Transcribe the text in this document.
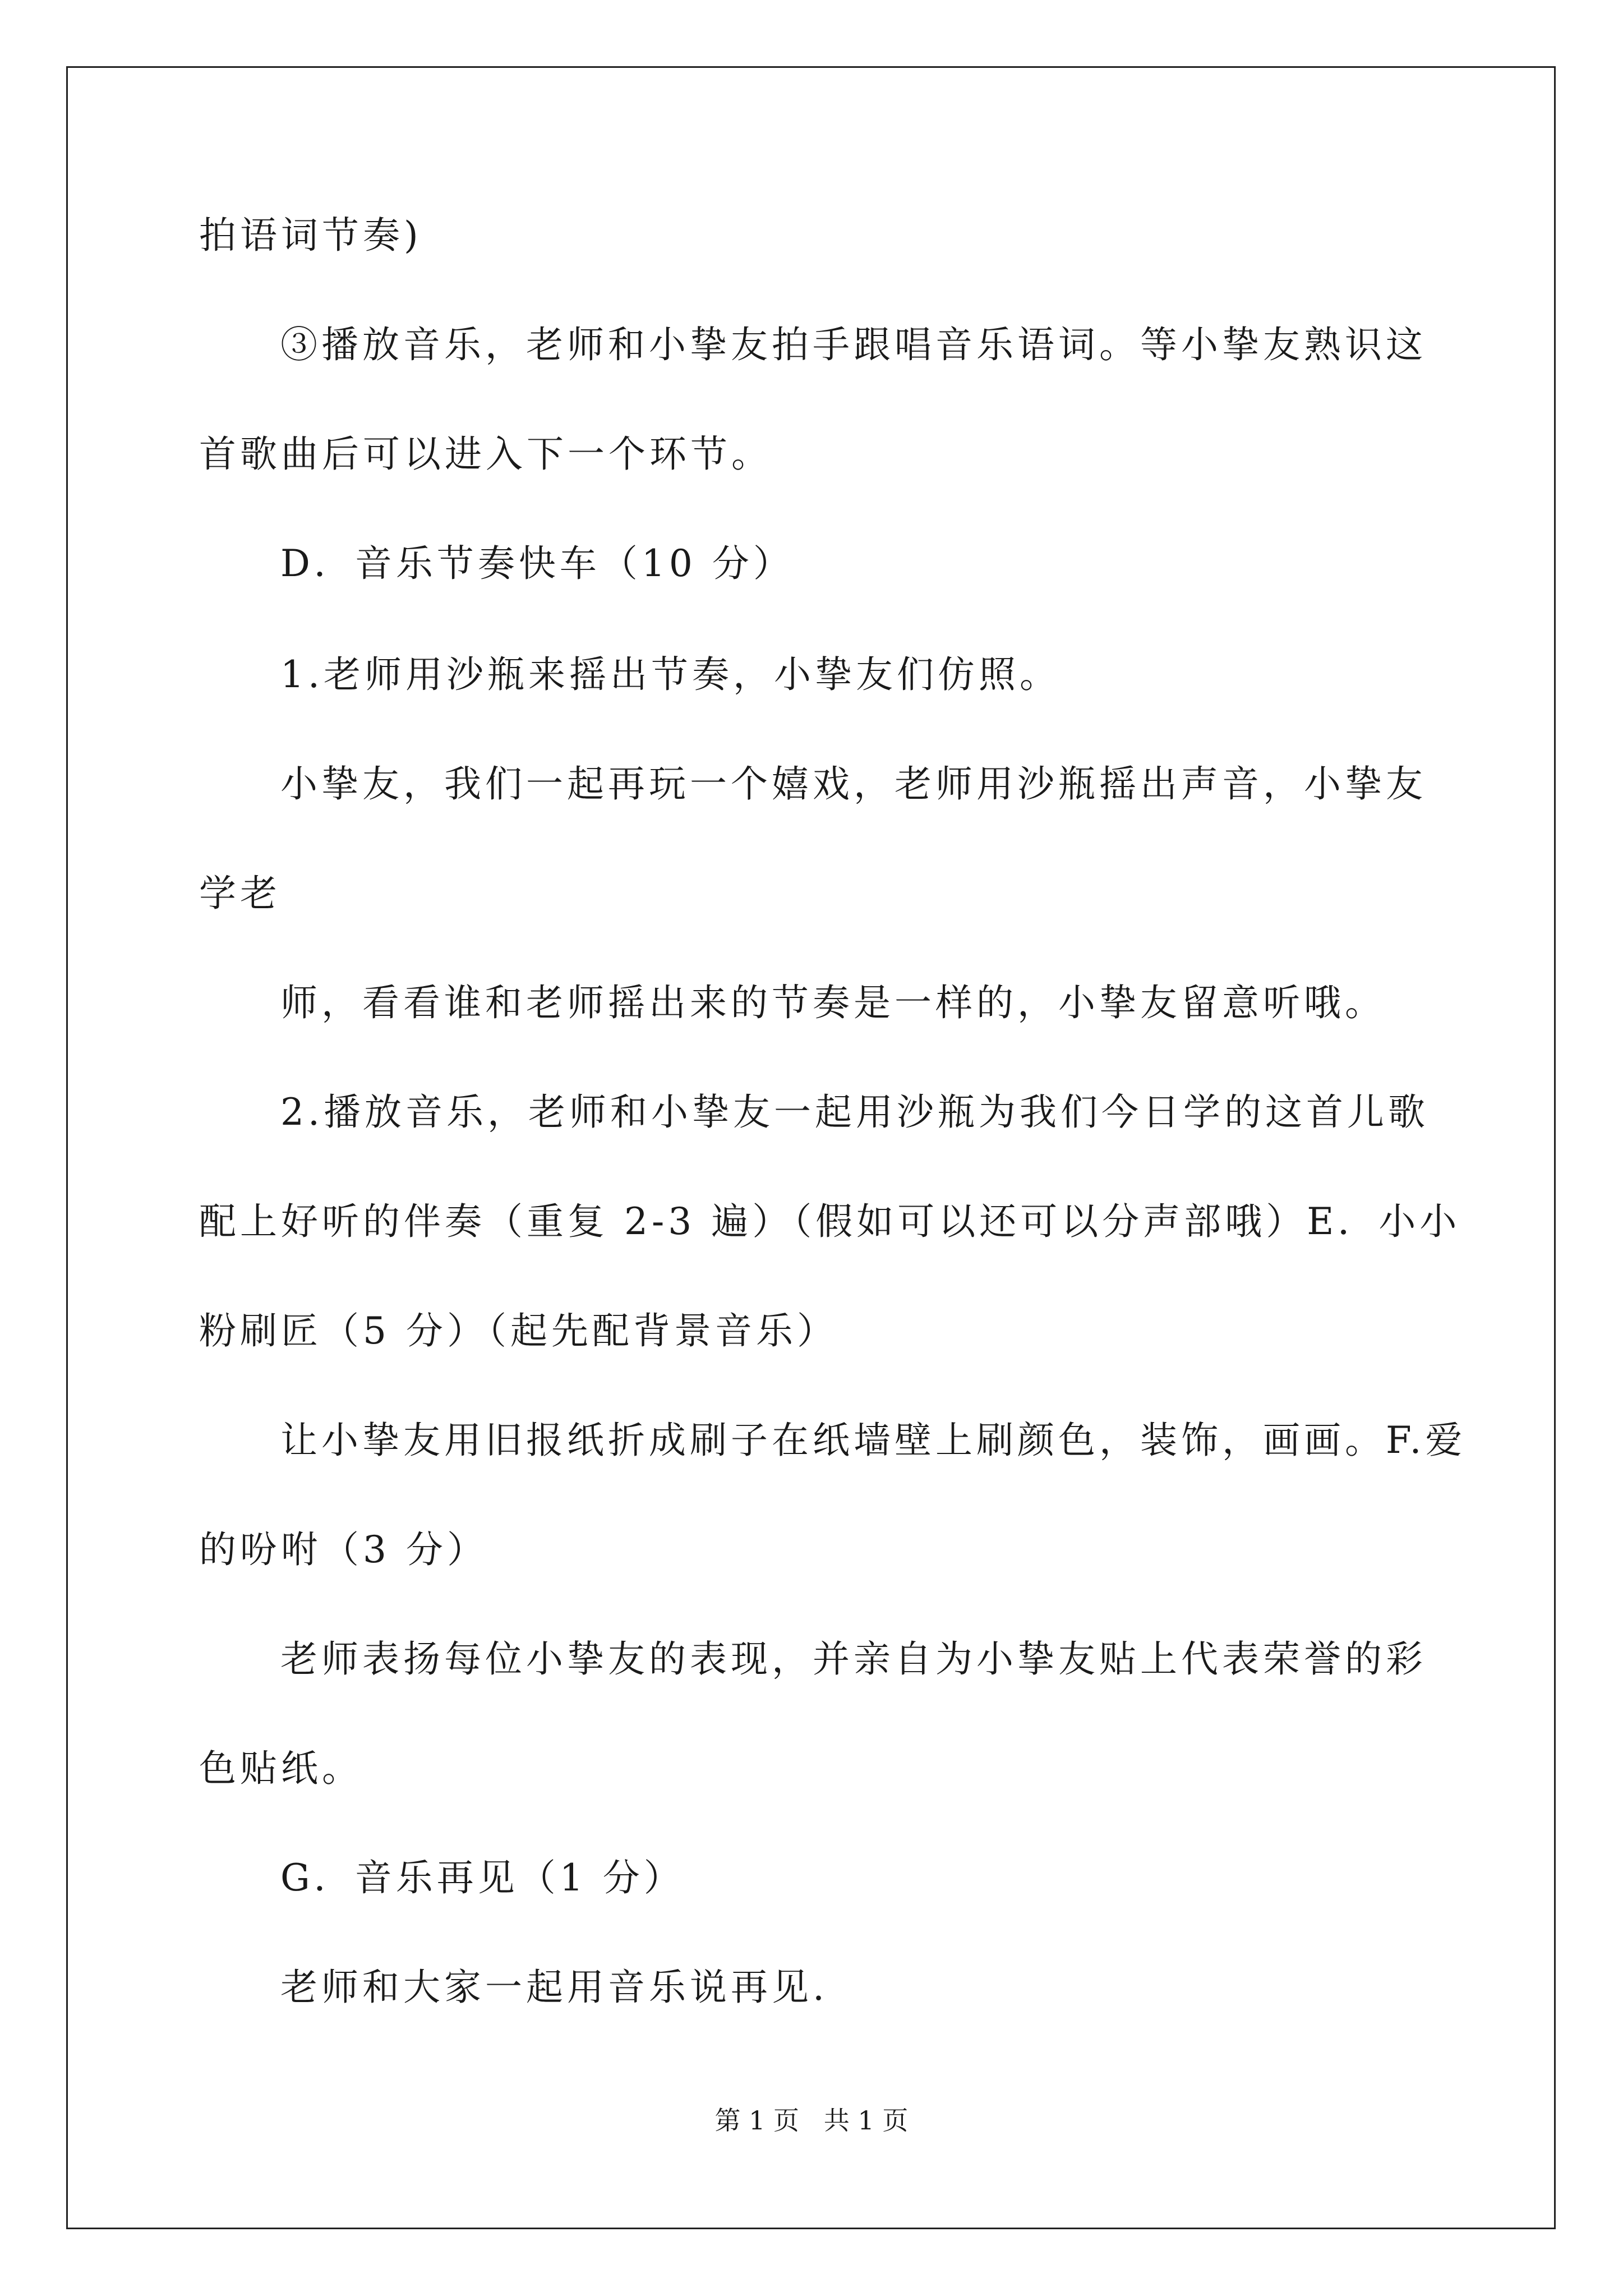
拍语词节奏)
③播放音乐，老师和小挚友拍手跟唱音乐语词。等小挚友熟识这
首歌曲后可以进入下一个环节。
D．音乐节奏快车（10 分）
1.老师用沙瓶来摇出节奏，小挚友们仿照。
小挚友，我们一起再玩一个嬉戏，老师用沙瓶摇出声音，小挚友
学老
师，看看谁和老师摇出来的节奏是一样的，小挚友留意听哦。
2.播放音乐，老师和小挚友一起用沙瓶为我们今日学的这首儿歌
配上好听的伴奏（重复 2-3 遍）（假如可以还可以分声部哦）E．小小
粉刷匠（5 分）（起先配背景音乐）
让小挚友用旧报纸折成刷子在纸墙壁上刷颜色，装饰，画画。F.爱
的吩咐（3 分）
老师表扬每位小挚友的表现，并亲自为小挚友贴上代表荣誉的彩
色贴纸。
G．音乐再见（1 分）
老师和大家一起用音乐说再见.
第 1 页   共 1 页
